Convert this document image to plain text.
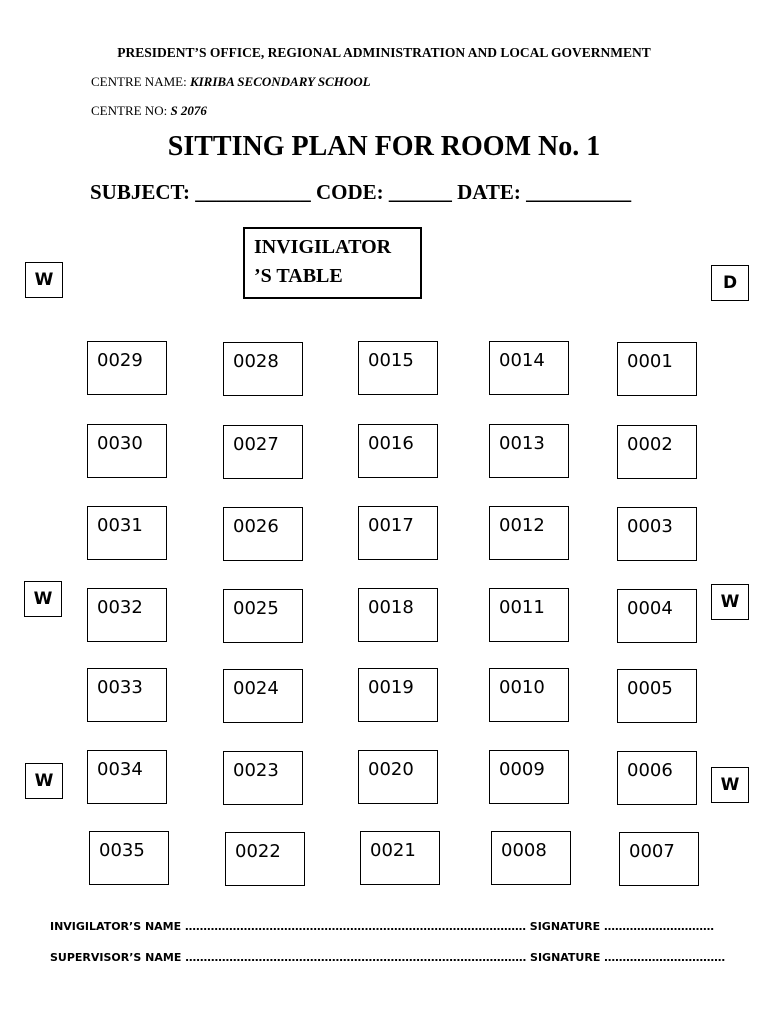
PRESIDENT’S OFFICE, REGIONAL ADMINISTRATION AND LOCAL GOVERNMENT
CENTRE NAME: KIRIBA SECONDARY SCHOOL
CENTRE NO: S 2076
SITTING PLAN FOR ROOM No. 1
SUBJECT: ___________ CODE: ______ DATE: __________
INVIGILATOR
’S TABLE
W	D
W	W
W	W
0029	0028	0015	0014	0001
0030	0027	0016	0013	0002
0031	0026	0017	0012	0003
0032	0025	0018	0011	0004
0033	0024	0019	0010	0005
0034	0023	0020	0009	0006
0035	0022	0021	0008	0007
INVIGILATOR’S NAME ………………………………………………………………………………… SIGNATURE …………………………
SUPERVISOR’S NAME ………………………………………………………………………………… SIGNATURE ……………………………
